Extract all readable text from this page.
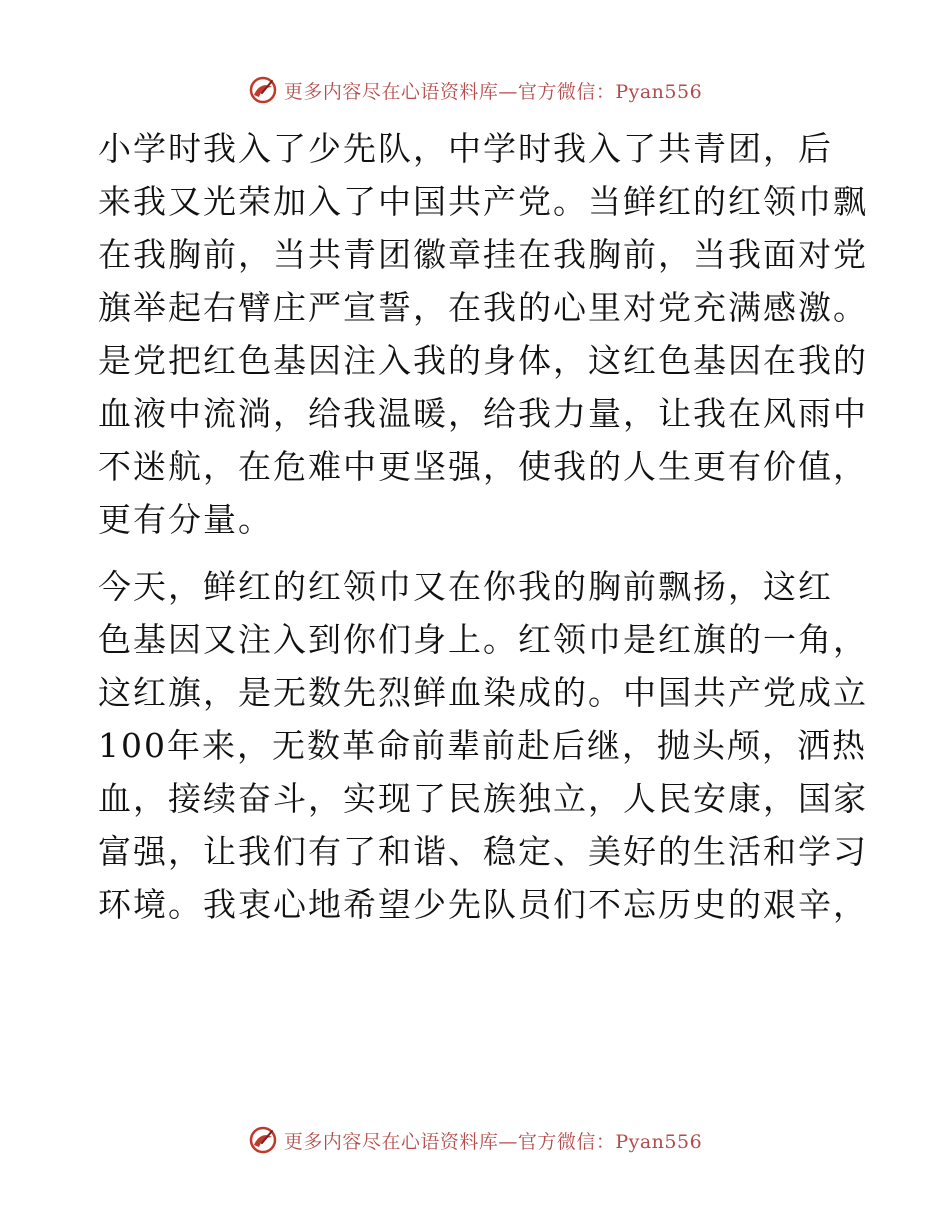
更多内容尽在心语资料库—官方微信：Pyan556
小学时我入了少先队，中学时我入了共青团，后
来我又光荣加入了中国共产党。当鲜红的红领巾飘
在我胸前，当共青团徽章挂在我胸前，当我面对党
旗举起右臂庄严宣誓，在我的心里对党充满感激。
是党把红色基因注入我的身体，这红色基因在我的
血液中流淌，给我温暖，给我力量，让我在风雨中
不迷航，在危难中更坚强，使我的人生更有价值，
更有分量。
今天，鲜红的红领巾又在你我的胸前飘扬，这红
色基因又注入到你们身上。红领巾是红旗的一角，
这红旗，是无数先烈鲜血染成的。中国共产党成立
100年来，无数革命前辈前赴后继，抛头颅，洒热
血，接续奋斗，实现了民族独立，人民安康，国家
富强，让我们有了和谐、稳定、美好的生活和学习
环境。我衷心地希望少先队员们不忘历史的艰辛，
更多内容尽在心语资料库—官方微信：Pyan556
